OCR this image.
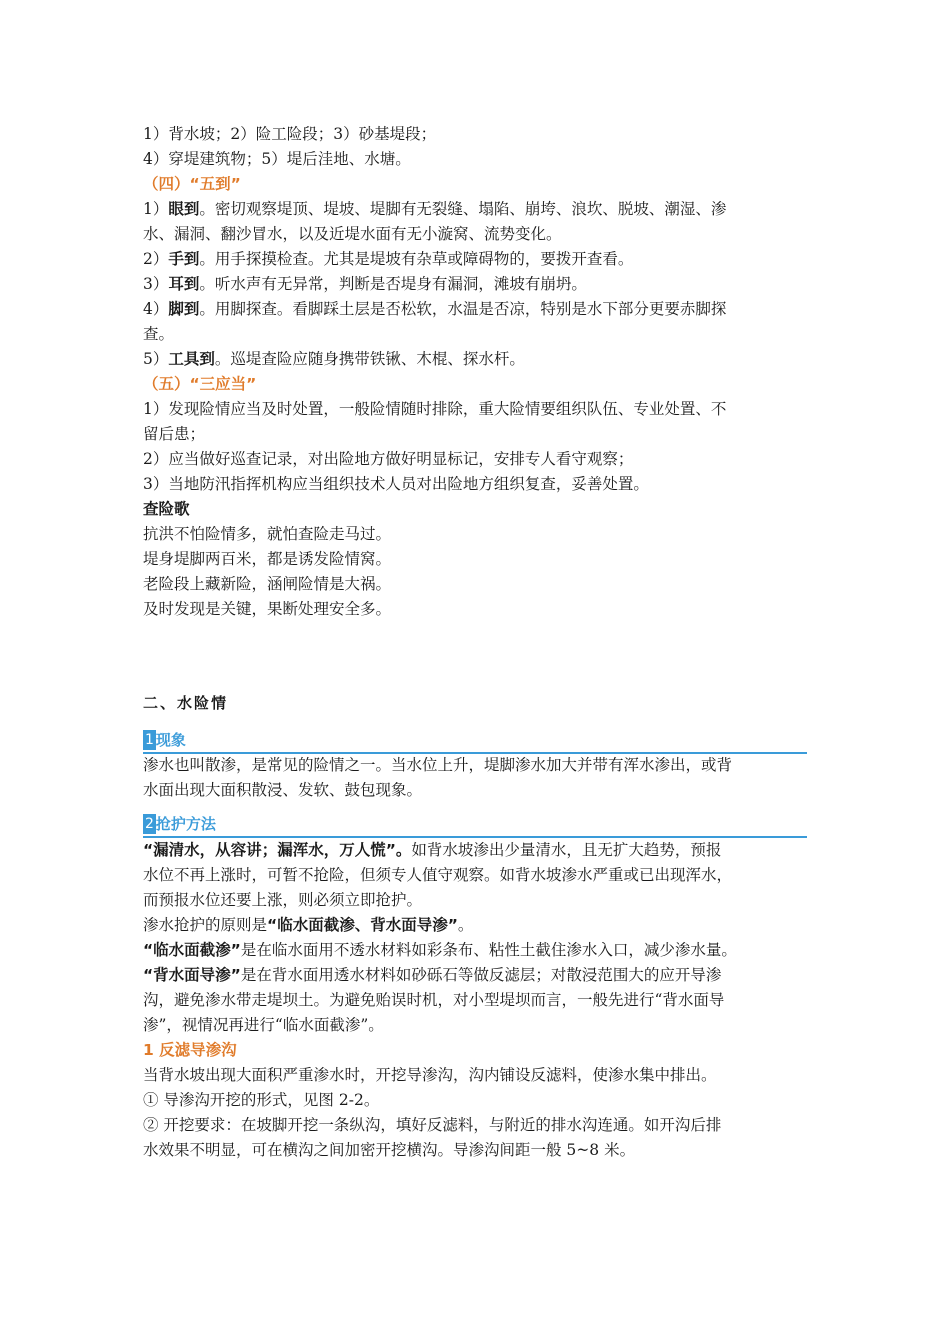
1）背水坡；2）险工险段；3）砂基堤段；
4）穿堤建筑物；5）堤后洼地、水塘。
（四）“五到”
1）眼到。密切观察堤顶、堤坡、堤脚有无裂缝、塌陷、崩垮、浪坎、脱坡、潮湿、渗
水、漏洞、翻沙冒水，以及近堤水面有无小漩窝、流势变化。
2）手到。用手探摸检查。尤其是堤坡有杂草或障碍物的，要拨开查看。
3）耳到。听水声有无异常，判断是否堤身有漏洞，滩坡有崩坍。
4）脚到。用脚探查。看脚踩土层是否松软，水温是否凉，特别是水下部分更要赤脚探
查。
5）工具到。巡堤查险应随身携带铁锹、木棍、探水杆。
（五）“三应当”
1）发现险情应当及时处置，一般险情随时排除，重大险情要组织队伍、专业处置、不
留后患；
2）应当做好巡查记录，对出险地方做好明显标记，安排专人看守观察；
3）当地防汛指挥机构应当组织技术人员对出险地方组织复查，妥善处置。
查险歌
抗洪不怕险情多，就怕查险走马过。
堤身堤脚两百米，都是诱发险情窝。
老险段上藏新险，涵闸险情是大祸。
及时发现是关键，果断处理安全多。
二、水险情
1 现象
渗水也叫散渗，是常见的险情之一。当水位上升，堤脚渗水加大并带有浑水渗出，或背
水面出现大面积散浸、发软、鼓包现象。
2 抢护方法
“漏清水，从容讲；漏浑水，万人慌”。如背水坡渗出少量清水，且无扩大趋势，预报
水位不再上涨时，可暂不抢险，但须专人值守观察。如背水坡渗水严重或已出现浑水，
而预报水位还要上涨，则必须立即抢护。
渗水抢护的原则是“临水面截渗、背水面导渗”。
“临水面截渗”是在临水面用不透水材料如彩条布、粘性土截住渗水入口，减少渗水量。
“背水面导渗”是在背水面用透水材料如砂砾石等做反滤层；对散浸范围大的应开导渗
沟，避免渗水带走堤坝土。为避免贻误时机，对小型堤坝而言，一般先进行“背水面导
渗”，视情况再进行“临水面截渗”。
1 反滤导渗沟
当背水坡出现大面积严重渗水时，开挖导渗沟，沟内铺设反滤料，使渗水集中排出。
① 导渗沟开挖的形式，见图 2-2。
② 开挖要求：在坡脚开挖一条纵沟，填好反滤料，与附近的排水沟连通。如开沟后排
水效果不明显，可在横沟之间加密开挖横沟。导渗沟间距一般 5~8 米。
